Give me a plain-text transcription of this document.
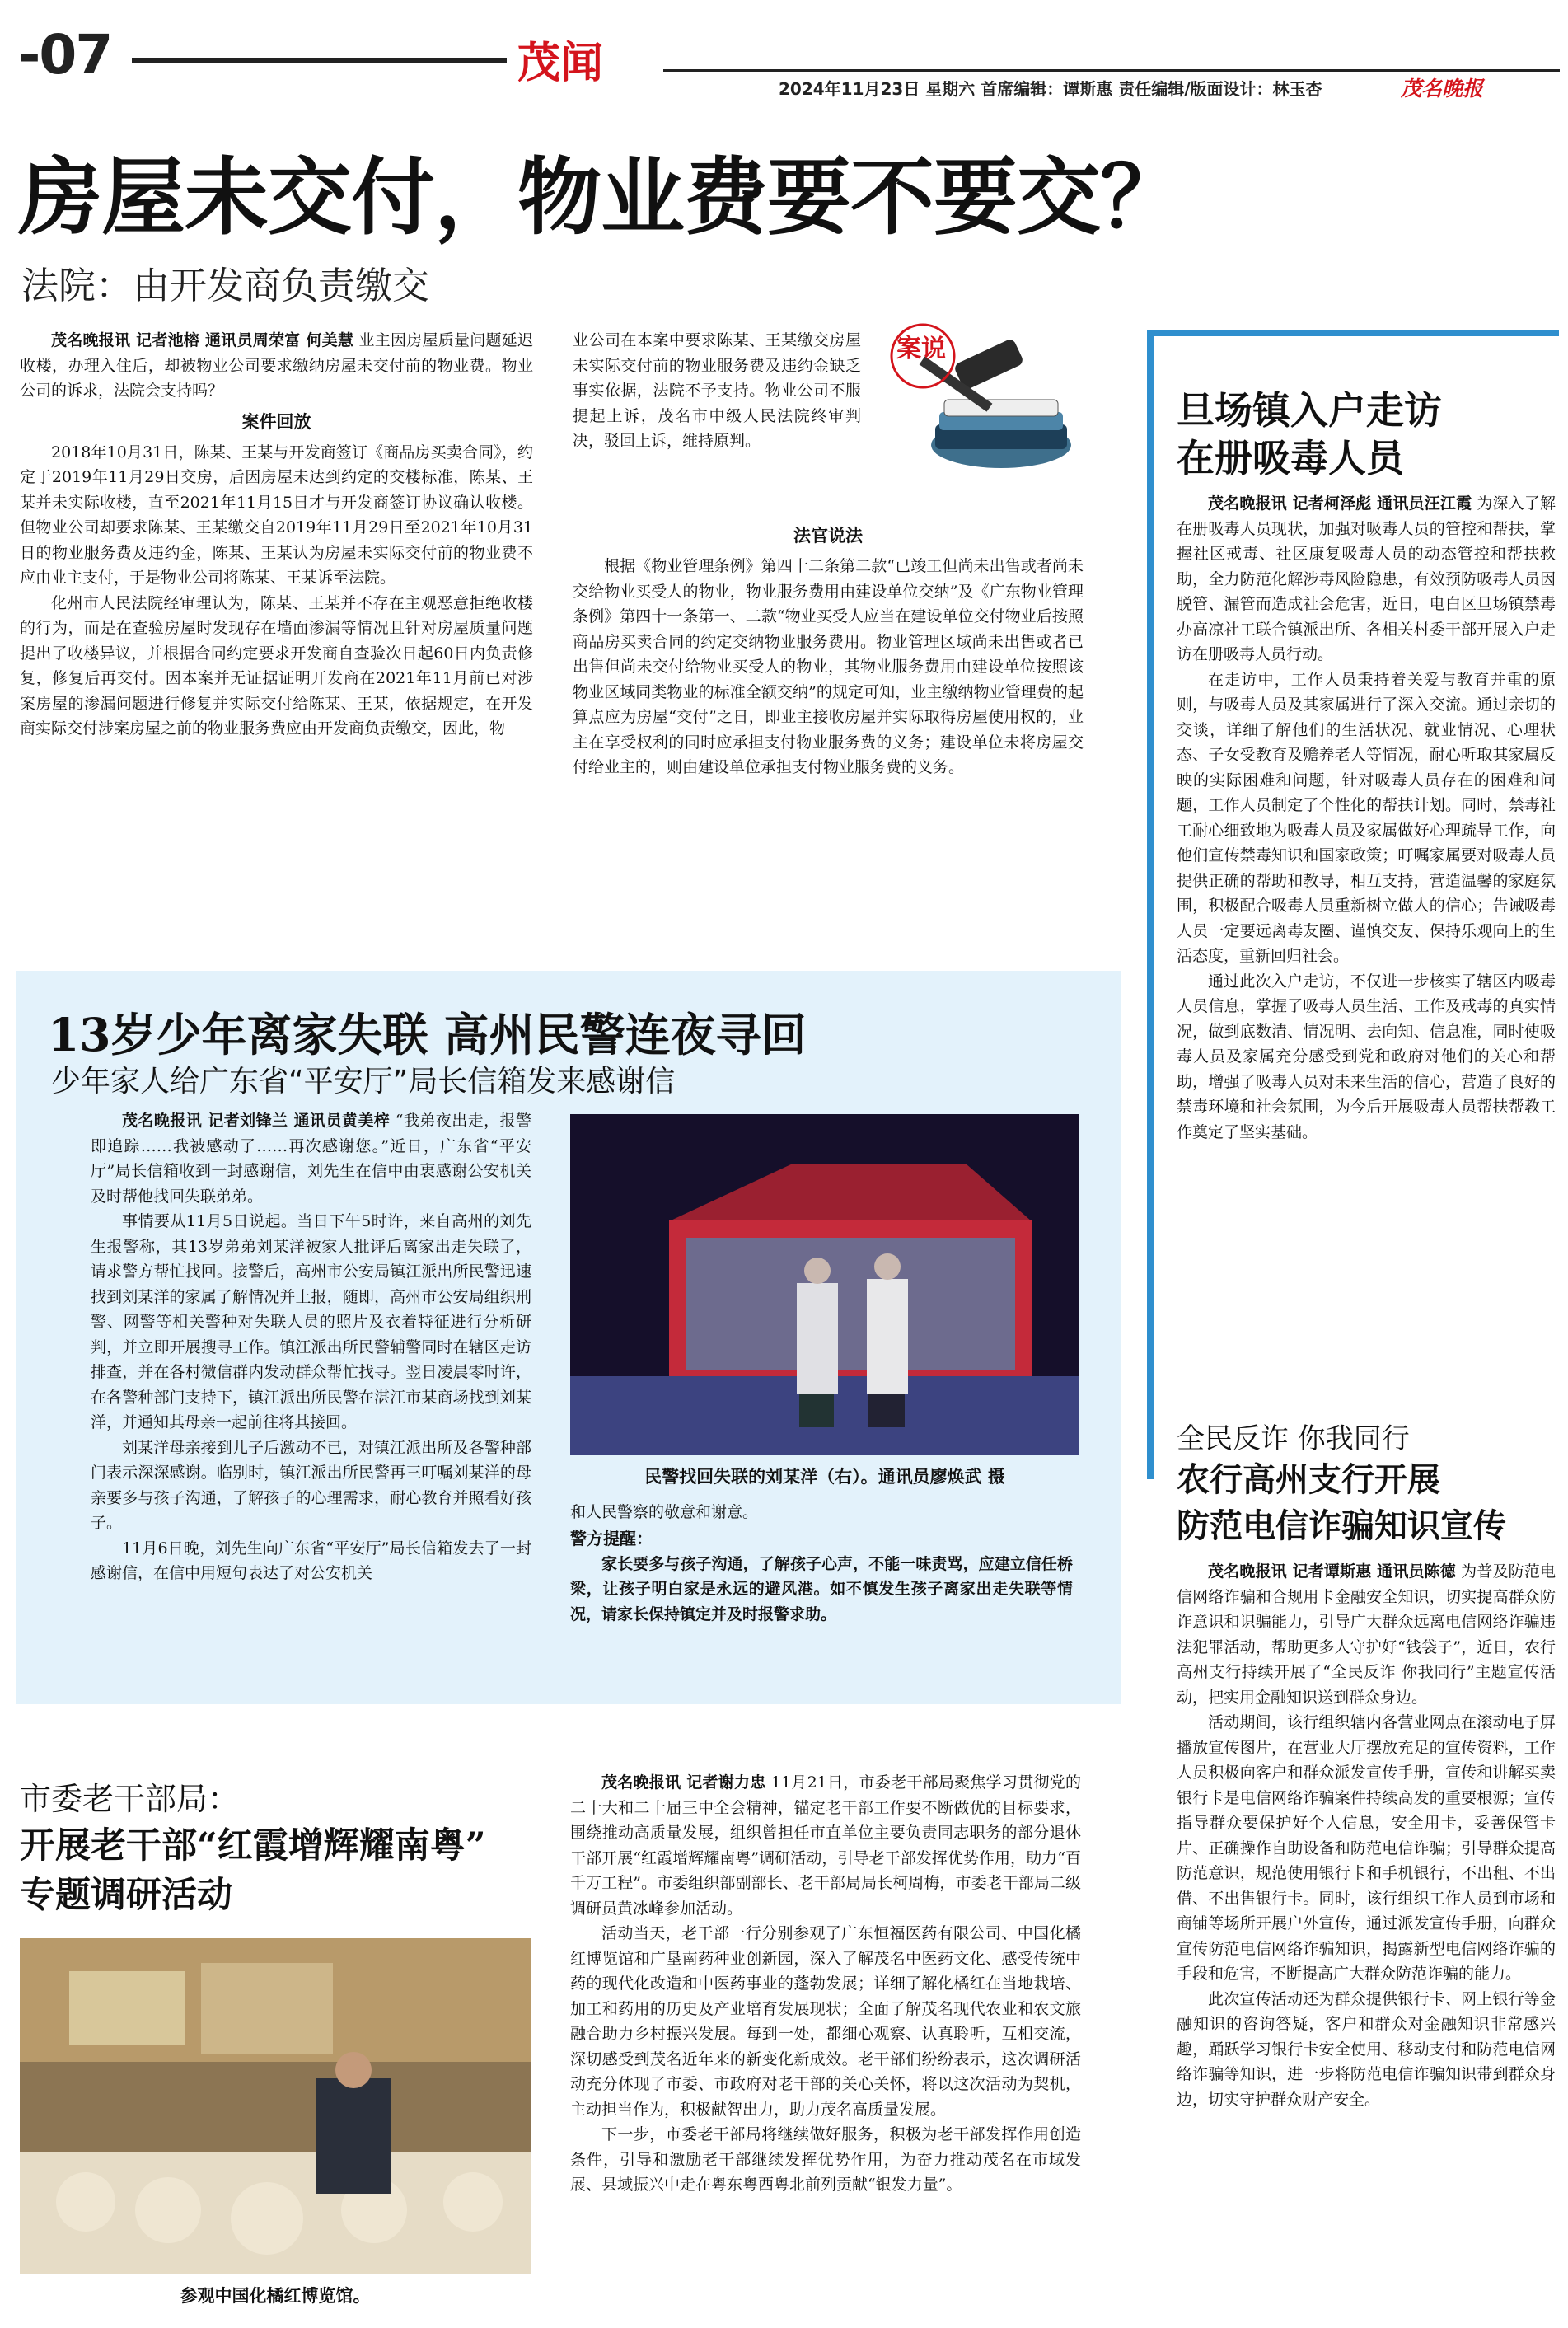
-07	茂闻
2024年11月23日 星期六 首席编辑：谭斯惠 责任编辑/版面设计：林玉杏	茂名晚报
房屋未交付，物业费要不要交？
法院：由开发商负责缴交

茂名晚报讯 记者池榕 通讯员周荣富 何美慧 业主因房屋质量问题延迟收楼，办理入住后，却被物业公司要求缴纳房屋未交付前的物业费。物业公司的诉求，法院会支持吗？

案件回放

2018年10月31日，陈某、王某与开发商签订《商品房买卖合同》，约定于2019年11月29日交房，后因房屋未达到约定的交楼标准，陈某、王某并未实际收楼，直至2021年11月15日才与开发商签订协议确认收楼。但物业公司却要求陈某、王某缴交自2019年11月29日至2021年10月31日的物业服务费及违约金，陈某、王某认为房屋未实际交付前的物业费不应由业主支付，于是物业公司将陈某、王某诉至法院。

化州市人民法院经审理认为，陈某、王某并不存在主观恶意拒绝收楼的行为，而是在查验房屋时发现存在墙面渗漏等情况且针对房屋质量问题提出了收楼异议，并根据合同约定要求开发商自查验次日起60日内负责修复，修复后再交付。因本案并无证据证明开发商在2021年11月前已对涉案房屋的渗漏问题进行修复并实际交付给陈某、王某，依据规定，在开发商实际交付涉案房屋之前的物业服务费应由开发商负责缴交，因此，物

业公司在本案中要求陈某、王某缴交房屋未实际交付前的物业服务费及违约金缺乏事实依据，法院不予支持。物业公司不服提起上诉，茂名市中级人民法院终审判决，驳回上诉，维持原判。

案说
法官说法

根据《物业管理条例》第四十二条第二款“已竣工但尚未出售或者尚未交给物业买受人的物业，物业服务费用由建设单位交纳”及《广东物业管理条例》第四十一条第一、二款“物业买受人应当在建设单位交付物业后按照商品房买卖合同的约定交纳物业服务费用。物业管理区域尚未出售或者已出售但尚未交付给物业买受人的物业，其物业服务费用由建设单位按照该物业区域同类物业的标准全额交纳”的规定可知，业主缴纳物业管理费的起算点应为房屋“交付”之日，即业主接收房屋并实际取得房屋使用权的，业主在享受权利的同时应承担支付物业服务费的义务；建设单位未将房屋交付给业主的，则由建设单位承担支付物业服务费的义务。

旦场镇入户走访
在册吸毒人员

茂名晚报讯 记者柯泽彪 通讯员汪江霞 为深入了解在册吸毒人员现状，加强对吸毒人员的管控和帮扶，掌握社区戒毒、社区康复吸毒人员的动态管控和帮扶救助，全力防范化解涉毒风险隐患，有效预防吸毒人员因脱管、漏管而造成社会危害，近日，电白区旦场镇禁毒办高凉社工联合镇派出所、各相关村委干部开展入户走访在册吸毒人员行动。

在走访中，工作人员秉持着关爱与教育并重的原则，与吸毒人员及其家属进行了深入交流。通过亲切的交谈，详细了解他们的生活状况、就业情况、心理状态、子女受教育及赡养老人等情况，耐心听取其家属反映的实际困难和问题，针对吸毒人员存在的困难和问题，工作人员制定了个性化的帮扶计划。同时，禁毒社工耐心细致地为吸毒人员及家属做好心理疏导工作，向他们宣传禁毒知识和国家政策；叮嘱家属要对吸毒人员提供正确的帮助和教导，相互支持，营造温馨的家庭氛围，积极配合吸毒人员重新树立做人的信心；告诫吸毒人员一定要远离毒友圈、谨慎交友、保持乐观向上的生活态度，重新回归社会。

通过此次入户走访，不仅进一步核实了辖区内吸毒人员信息，掌握了吸毒人员生活、工作及戒毒的真实情况，做到底数清、情况明、去向知、信息准，同时使吸毒人员及家属充分感受到党和政府对他们的关心和帮助，增强了吸毒人员对未来生活的信心，营造了良好的禁毒环境和社会氛围，为今后开展吸毒人员帮扶帮教工作奠定了坚实基础。

全民反诈 你我同行
农行高州支行开展
防范电信诈骗知识宣传

茂名晚报讯 记者谭斯惠 通讯员陈德 为普及防范电信网络诈骗和合规用卡金融安全知识，切实提高群众防诈意识和识骗能力，引导广大群众远离电信网络诈骗违法犯罪活动，帮助更多人守护好“钱袋子”，近日，农行高州支行持续开展了“全民反诈 你我同行”主题宣传活动，把实用金融知识送到群众身边。

活动期间，该行组织辖内各营业网点在滚动电子屏播放宣传图片，在营业大厅摆放充足的宣传资料，工作人员积极向客户和群众派发宣传手册，宣传和讲解买卖银行卡是电信网络诈骗案件持续高发的重要根源；宣传指导群众要保护好个人信息，安全用卡，妥善保管卡片、正确操作自助设备和防范电信诈骗；引导群众提高防范意识，规范使用银行卡和手机银行，不出租、不出借、不出售银行卡。同时，该行组织工作人员到市场和商铺等场所开展户外宣传，通过派发宣传手册，向群众宣传防范电信网络诈骗知识，揭露新型电信网络诈骗的手段和危害，不断提高广大群众防范诈骗的能力。

此次宣传活动还为群众提供银行卡、网上银行等金融知识的咨询答疑，客户和群众对金融知识非常感兴趣，踊跃学习银行卡安全使用、移动支付和防范电信网络诈骗等知识，进一步将防范电信诈骗知识带到群众身边，切实守护群众财产安全。

13岁少年离家失联 高州民警连夜寻回
少年家人给广东省“平安厅”局长信箱发来感谢信

茂名晚报讯 记者刘锋兰 通讯员黄美梓 “我弟夜出走，报警即追踪……我被感动了……再次感谢您。”近日，广东省“平安厅”局长信箱收到一封感谢信，刘先生在信中由衷感谢公安机关及时帮他找回失联弟弟。

事情要从11月5日说起。当日下午5时许，来自高州的刘先生报警称，其13岁弟弟刘某洋被家人批评后离家出走失联了，请求警方帮忙找回。接警后，高州市公安局镇江派出所民警迅速找到刘某洋的家属了解情况并上报，随即，高州市公安局组织刑警、网警等相关警种对失联人员的照片及衣着特征进行分析研判，并立即开展搜寻工作。镇江派出所民警辅警同时在辖区走访排查，并在各村微信群内发动群众帮忙找寻。翌日凌晨零时许，在各警种部门支持下，镇江派出所民警在湛江市某商场找到刘某洋，并通知其母亲一起前往将其接回。

刘某洋母亲接到儿子后激动不已，对镇江派出所及各警种部门表示深深感谢。临别时，镇江派出所民警再三叮嘱刘某洋的母亲要多与孩子沟通，了解孩子的心理需求，耐心教育并照看好孩子。

11月6日晚，刘先生向广东省“平安厅”局长信箱发去了一封感谢信，在信中用短句表达了对公安机关

民警找回失联的刘某洋（右）。通讯员廖焕武 摄

和人民警察的敬意和谢意。

警方提醒：

家长要多与孩子沟通，了解孩子心声，不能一味责骂，应建立信任桥梁，让孩子明白家是永远的避风港。如不慎发生孩子离家出走失联等情况，请家长保持镇定并及时报警求助。

市委老干部局：
开展老干部“红霞增辉耀南粤”
专题调研活动
参观中国化橘红博览馆。

茂名晚报讯 记者谢力忠 11月21日，市委老干部局聚焦学习贯彻党的二十大和二十届三中全会精神，锚定老干部工作要不断做优的目标要求，围绕推动高质量发展，组织曾担任市直单位主要负责同志职务的部分退休干部开展“红霞增辉耀南粤”调研活动，引导老干部发挥优势作用，助力“百千万工程”。市委组织部副部长、老干部局局长柯周梅，市委老干部局二级调研员黄冰峰参加活动。

活动当天，老干部一行分别参观了广东恒福医药有限公司、中国化橘红博览馆和广垦南药种业创新园，深入了解茂名中医药文化、感受传统中药的现代化改造和中医药事业的蓬勃发展；详细了解化橘红在当地栽培、加工和药用的历史及产业培育发展现状；全面了解茂名现代农业和农文旅融合助力乡村振兴发展。每到一处，都细心观察、认真聆听，互相交流，深切感受到茂名近年来的新变化新成效。老干部们纷纷表示，这次调研活动充分体现了市委、市政府对老干部的关心关怀，将以这次活动为契机，主动担当作为，积极献智出力，助力茂名高质量发展。

下一步，市委老干部局将继续做好服务，积极为老干部发挥作用创造条件，引导和激励老干部继续发挥优势作用，为奋力推动茂名在市域发展、县域振兴中走在粤东粤西粤北前列贡献“银发力量”。
